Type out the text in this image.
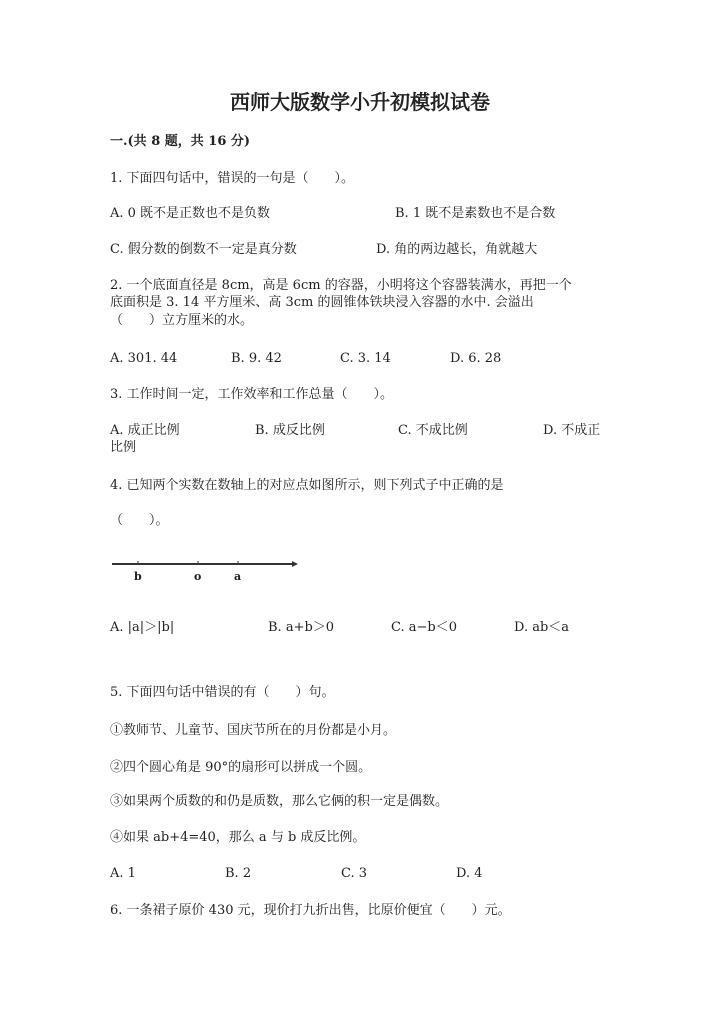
西师大版数学小升初模拟试卷
一.(共 8 题，共 16 分)
1. 下面四句话中，错误的一句是（　　）。
A. 0 既不是正数也不是负数	B. 1 既不是素数也不是合数
C. 假分数的倒数不一定是真分数	D. 角的两边越长，角就越大
2. 一个底面直径是 8cm，高是 6cm 的容器，小明将这个容器装满水，再把一个
底面积是 3. 14 平方厘米、高 3cm 的圆锥体铁块浸入容器的水中. 会溢出
（　　）立方厘米的水。
A. 301. 44	B. 9. 42	C. 3. 14	D. 6. 28
3. 工作时间一定，工作效率和工作总量（　　）。
A. 成正比例	B. 成反比例	C. 不成比例	D. 不成正
比例
4. 已知两个实数在数轴上的对应点如图所示，则下列式子中正确的是
（　　）。
b	o	a
A. |a|＞|b|	B. a+b＞0	C. a−b＜0	D. ab＜a
5. 下面四句话中错误的有（　　）句。
①教师节、儿童节、国庆节所在的月份都是小月。
②四个圆心角是 90°的扇形可以拼成一个圆。
③如果两个质数的和仍是质数，那么它俩的积一定是偶数。
④如果 ab+4=40，那么 a 与 b 成反比例。
A. 1	B. 2	C. 3	D. 4
6. 一条裙子原价 430 元，现价打九折出售，比原价便宜（　　）元。
